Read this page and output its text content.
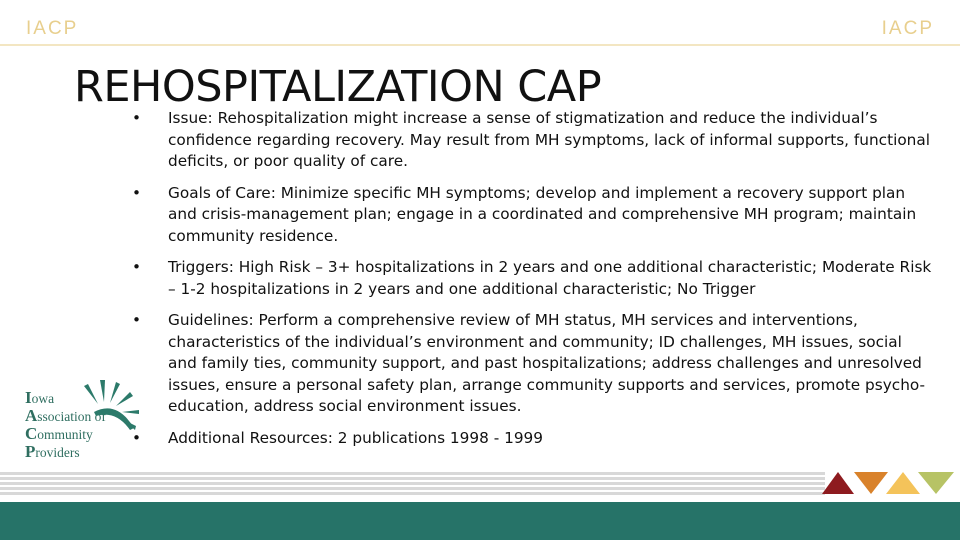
IACP	IACP
REHOSPITALIZATION CAP
• Issue: Rehospitalization might increase a sense of stigmatization and reduce the individual’s confidence regarding recovery. May result from MH symptoms, lack of informal supports, functional deficits, or poor quality of care.
• Goals of Care: Minimize specific MH symptoms; develop and implement a recovery support plan and crisis-management plan; engage in a coordinated and comprehensive MH program; maintain community residence.
• Triggers: High Risk – 3+ hospitalizations in 2 years and one additional characteristic; Moderate Risk – 1-2 hospitalizations in 2 years and one additional characteristic; No Trigger
• Guidelines: Perform a comprehensive review of MH status, MH services and interventions, characteristics of the individual’s environment and community; ID challenges, MH issues, social and family ties, community support, and past hospitalizations; address challenges and unresolved issues, ensure a personal safety plan, arrange community supports and services, promote psycho-education, address social environment issues.
• Additional Resources: 2 publications 1998 - 1999
Iowa
Association of
Community
Providers
